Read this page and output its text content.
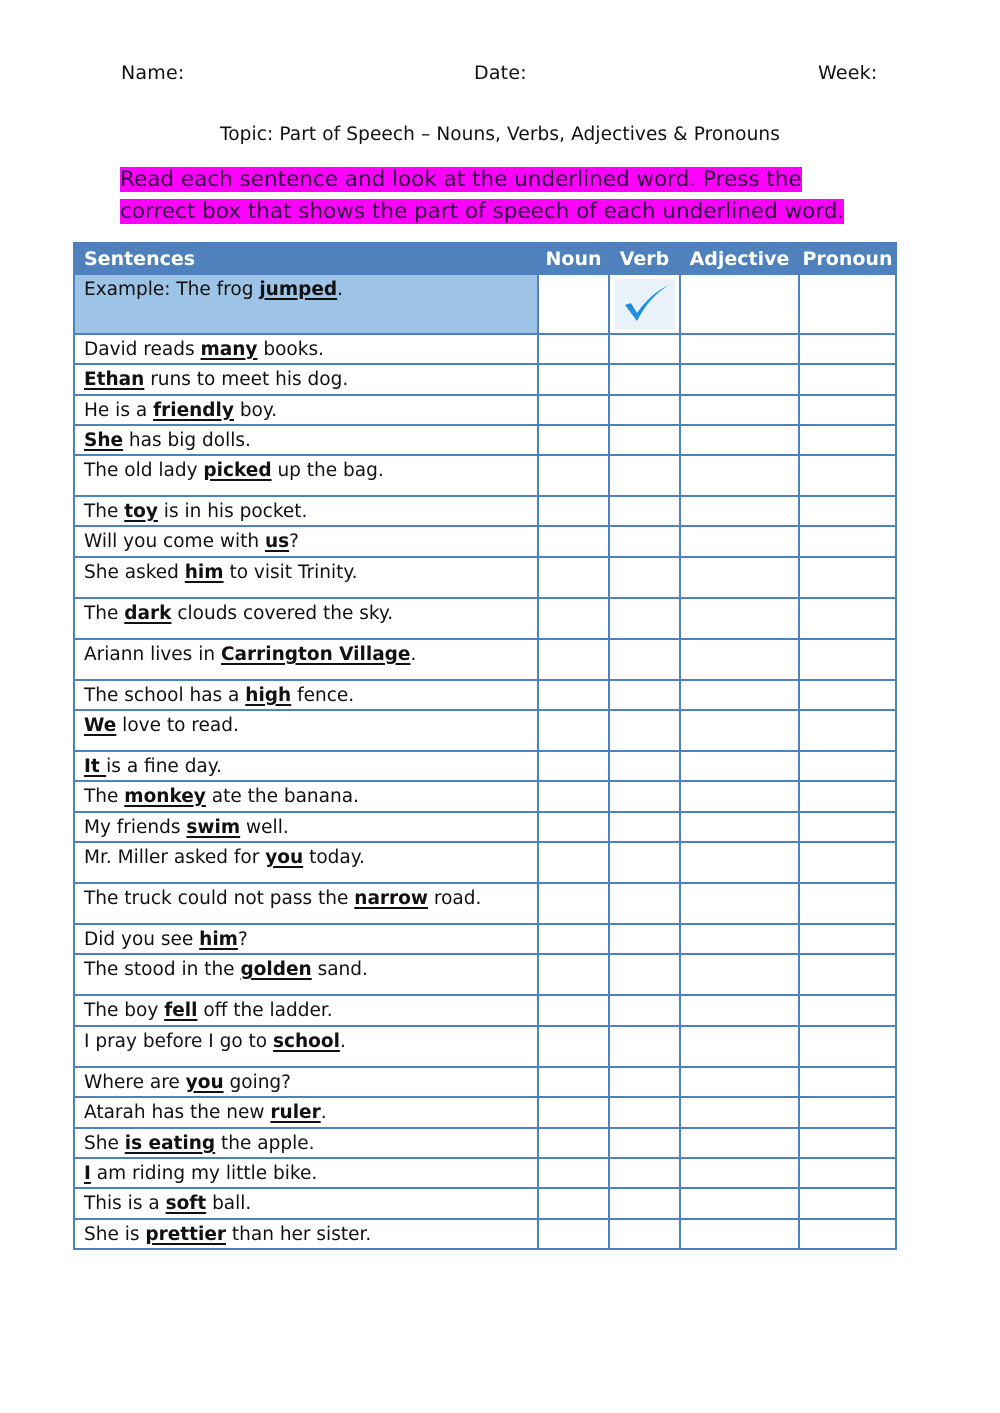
Name:	Date:	Week:
Topic: Part of Speech – Nouns, Verbs, Adjectives & Pronouns
Read each sentence and look at the underlined word. Press the correct box that shows the part of speech of each underlined word.
Sentences	Noun	Verb	Adjective	Pronoun
Example: The frog jumped.		

David reads many books.				
Ethan runs to meet his dog.				
He is a friendly boy.				
She has big dolls.				
The old lady picked up the bag.				
The toy is in his pocket.				
Will you come with us?				
She asked him to visit Trinity.				
The dark clouds covered the sky.				
Ariann lives in Carrington Village.				
The school has a high fence.				
We love to read.				
It is a fine day.				
The monkey ate the banana.				
My friends swim well.				
Mr. Miller asked for you today.				
The truck could not pass the narrow road.				
Did you see him?				
The stood in the golden sand.				
The boy fell off the ladder.				
I pray before I go to school.				
Where are you going?				
Atarah has the new ruler.				
She is eating the apple.				
I am riding my little bike.				
This is a soft ball.				
She is prettier than her sister.				
